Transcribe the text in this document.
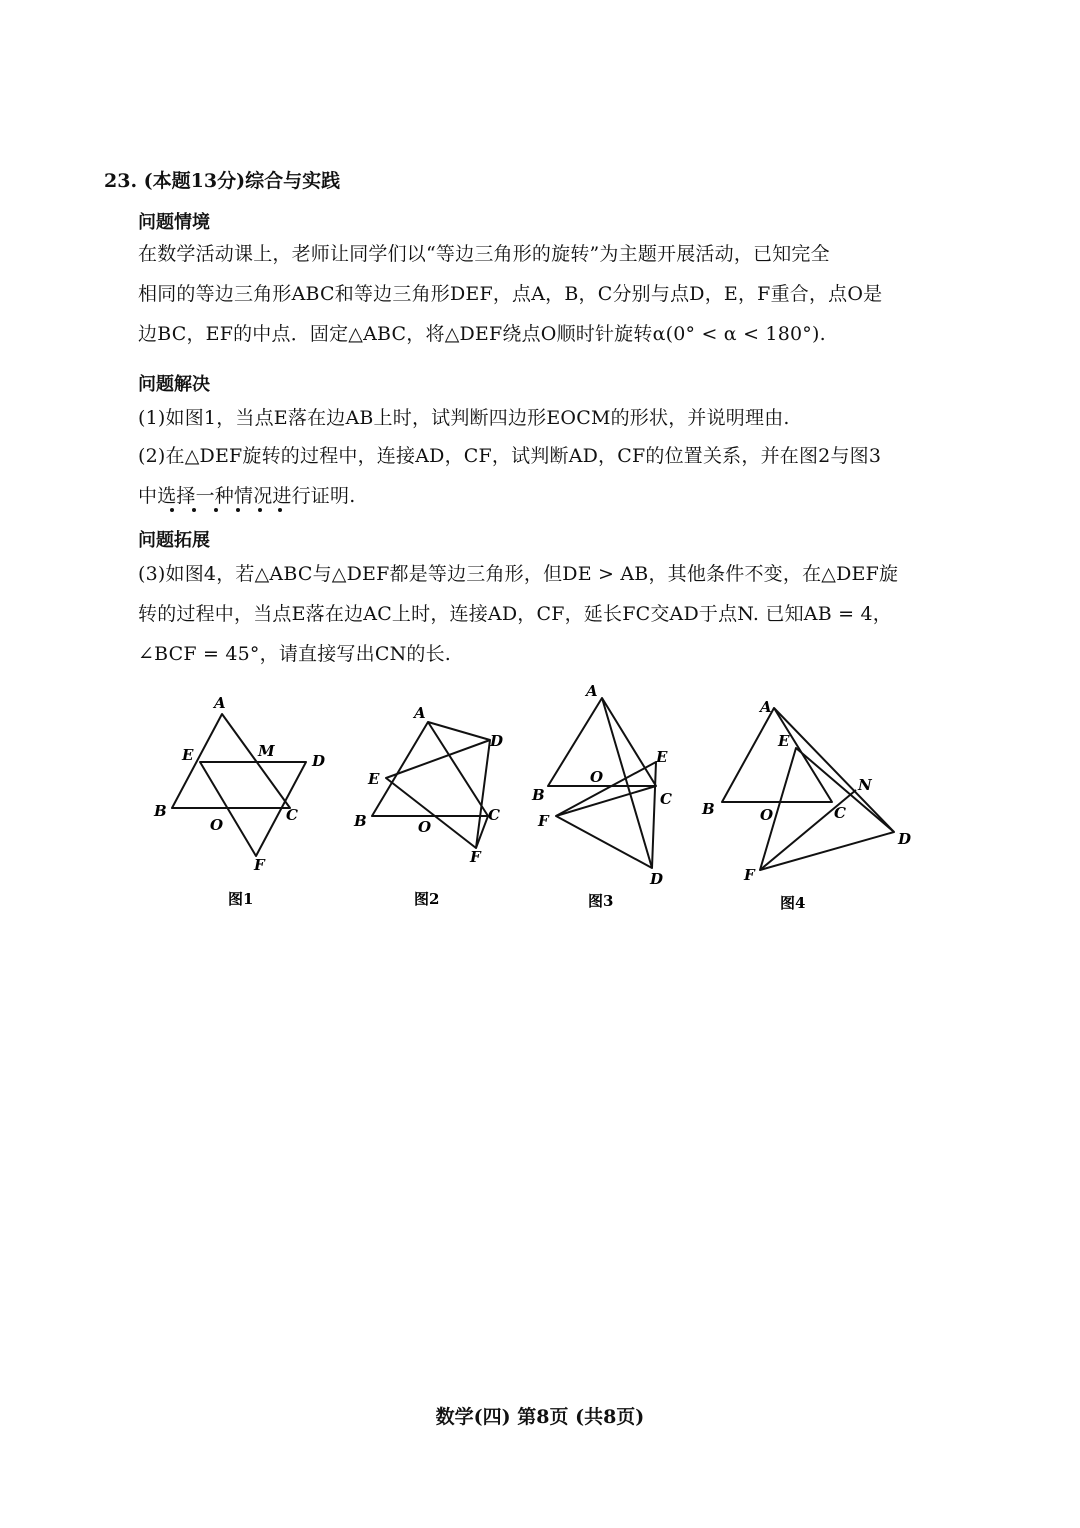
23. (本题13分)综合与实践
问题情境
在数学活动课上，老师让同学们以“等边三角形的旋转”为主题开展活动，已知完全
相同的等边三角形ABC和等边三角形DEF，点A，B，C分别与点D，E，F重合，点O是
边BC，EF的中点．固定△ABC，将△DEF绕点O顺时针旋转α(0° < α < 180°).
问题解决
(1)如图1，当点E落在边AB上时，试判断四边形EOCM的形状，并说明理由.
(2)在△DEF旋转的过程中，连接AD，CF，试判断AD，CF的位置关系，并在图2与图3
中选择一种情况进行证明.
问题拓展
(3)如图4，若△ABC与△DEF都是等边三角形，但DE > AB，其他条件不变，在△DEF旋
转的过程中，当点E落在边AC上时，连接AD，CF，延长FC交AD于点N. 已知AB = 4，
∠BCF = 45°，请直接写出CN的长.
A
E	M
D
B
O
C
F
A
D
E
B	O
C
F
A
E
O
B	C
F
D
A
E
N
B	O	C
D
F
图1	图2	图3	图4
数学(四) 第8页 (共8页)
